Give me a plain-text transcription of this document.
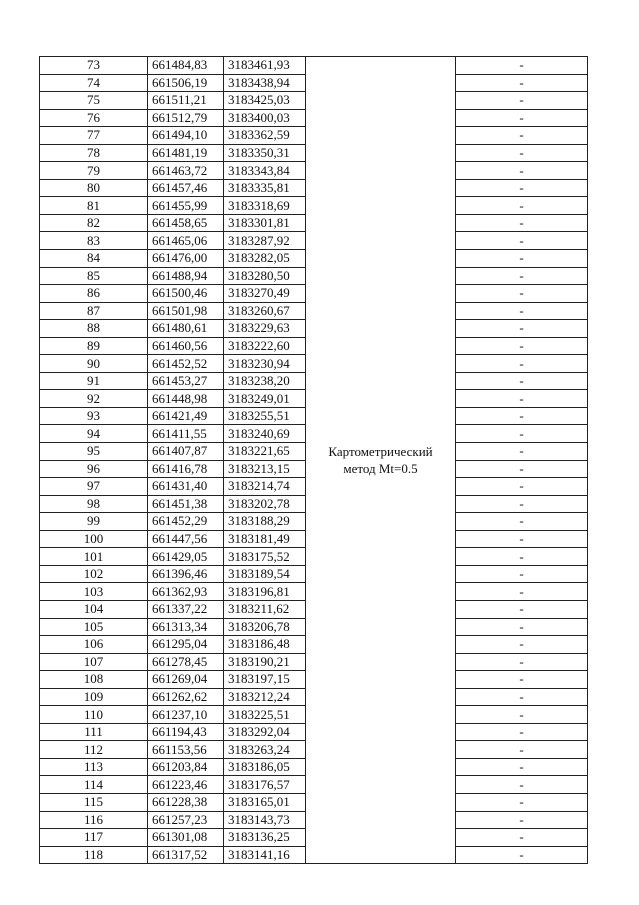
73	661484,83	3183461,93	Картометрический
метод Mt=0.5	-
74	661506,19	3183438,94		-
75	661511,21	3183425,03		-
76	661512,79	3183400,03		-
77	661494,10	3183362,59		-
78	661481,19	3183350,31		-
79	661463,72	3183343,84		-
80	661457,46	3183335,81		-
81	661455,99	3183318,69		-
82	661458,65	3183301,81		-
83	661465,06	3183287,92		-
84	661476,00	3183282,05		-
85	661488,94	3183280,50		-
86	661500,46	3183270,49		-
87	661501,98	3183260,67		-
88	661480,61	3183229,63		-
89	661460,56	3183222,60		-
90	661452,52	3183230,94		-
91	661453,27	3183238,20		-
92	661448,98	3183249,01		-
93	661421,49	3183255,51		-
94	661411,55	3183240,69		-
95	661407,87	3183221,65		-
96	661416,78	3183213,15		-
97	661431,40	3183214,74		-
98	661451,38	3183202,78		-
99	661452,29	3183188,29		-
100	661447,56	3183181,49		-
101	661429,05	3183175,52		-
102	661396,46	3183189,54		-
103	661362,93	3183196,81		-
104	661337,22	3183211,62		-
105	661313,34	3183206,78		-
106	661295,04	3183186,48		-
107	661278,45	3183190,21		-
108	661269,04	3183197,15		-
109	661262,62	3183212,24		-
110	661237,10	3183225,51		-
111	661194,43	3183292,04		-
112	661153,56	3183263,24		-
113	661203,84	3183186,05		-
114	661223,46	3183176,57		-
115	661228,38	3183165,01		-
116	661257,23	3183143,73		-
117	661301,08	3183136,25		-
118	661317,52	3183141,16		-
